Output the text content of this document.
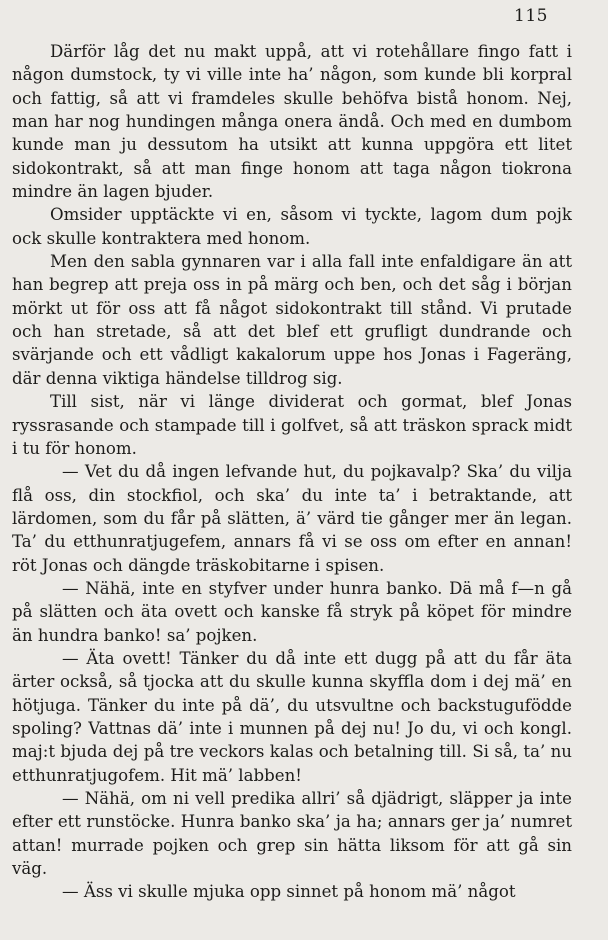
115

Därför låg det nu makt uppå, att vi rotehållare fingo fatt i någon dumstock, ty vi ville inte ha’ någon, som kunde bli korpral och fattig, så att vi framdeles skulle behöfva bistå honom. Nej, man har nog hundingen många onera ändå. Och med en dumbom kunde man ju dessutom ha utsikt att kunna uppgöra ett litet sidokontrakt, så att man finge honom att taga någon tiokrona mindre än lagen bjuder.

Omsider upptäckte vi en, såsom vi tyckte, lagom dum pojk ock skulle kontraktera med honom.

Men den sabla gynnaren var i alla fall inte enfaldigare än att han begrep att preja oss in på märg och ben, och det såg i början mörkt ut för oss att få något sidokontrakt till stånd. Vi prutade och han stretade, så att det blef ett grufligt dundrande och svärjande och ett vådligt kakalorum uppe hos Jonas i Fageräng, där denna viktiga händelse tilldrog sig.

Till sist, när vi länge dividerat och gormat, blef Jonas ryssrasande och stampade till i golfvet, så att träskon sprack midt i tu för honom.

— Vet du då ingen lefvande hut, du pojkavalp? Ska’ du vilja flå oss, din stockfiol, och ska’ du inte ta’ i betraktande, att lärdomen, som du får på slätten, ä’ värd tie gånger mer än legan. Ta’ du etthunratjugefem, annars få vi se oss om efter en annan! röt Jonas och dängde träskobitarne i spisen.

— Nähä, inte en styfver under hunra banko. Dä må f—n gå på slätten och äta ovett och kanske få stryk på köpet för mindre än hundra banko! sa’ pojken.

— Äta ovett! Tänker du då inte ett dugg på att du får äta ärter också, så tjocka att du skulle kunna skyffla dom i dej mä’ en hötjuga. Tänker du inte på dä’, du utsvultne och backstugufödde spoling? Vattnas dä’ inte i munnen på dej nu! Jo du, vi och kongl. maj:t bjuda dej på tre veckors kalas och betalning till. Si så, ta’ nu etthunratjugofem. Hit mä’ labben!

— Nähä, om ni vell predika allri’ så djädrigt, släpper ja inte efter ett runstöcke. Hunra banko ska’ ja ha; annars ger ja’ numret attan! murrade pojken och grep sin hätta liksom för att gå sin väg.

— Äss vi skulle mjuka opp sinnet på honom mä’ något
